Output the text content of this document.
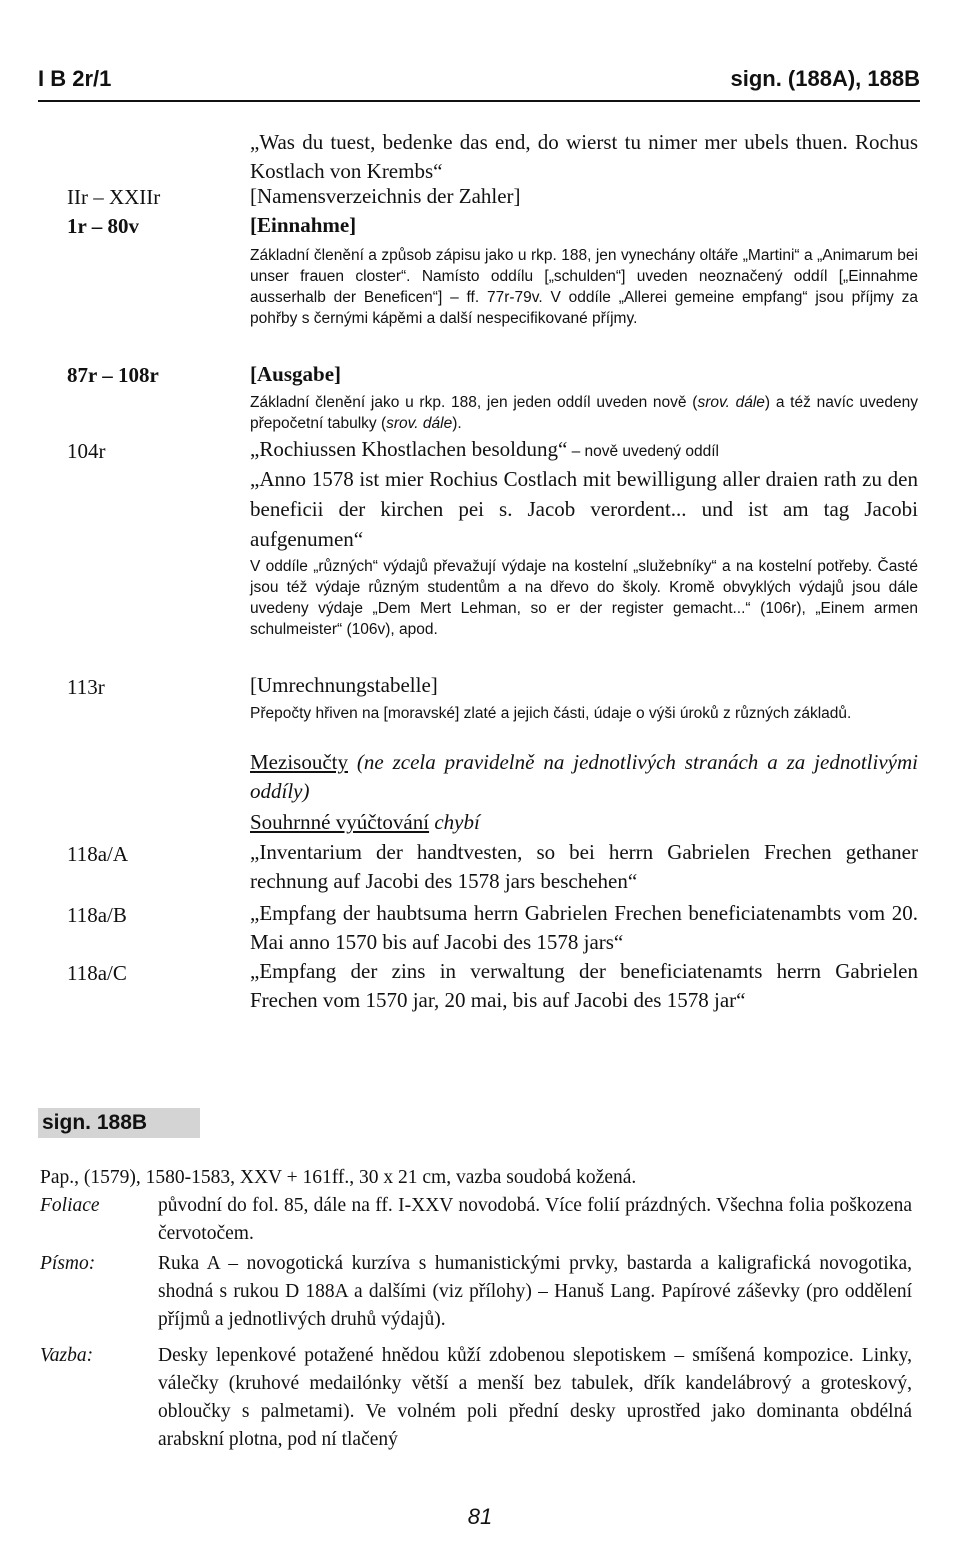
I B 2r/1	sign. (188A), 188B
„Was du tuest, bedenke das end, do wierst tu nimer mer ubels thuen. Rochus Kostlach von Krembs“
IIr – XXIIr	[Namensverzeichnis der Zahler]
1r – 80v	[Einnahme]
Základní členění a způsob zápisu jako u rkp. 188, jen vynechány oltáře „Martini“ a „Animarum bei unser frauen closter“. Namísto oddílu [„schulden“] uveden neoznačený oddíl [„Einnahme ausserhalb der Beneficen“] – ff. 77r-79v. V oddíle „Allerei gemeine empfang“ jsou příjmy za pohřby s černými kápěmi a další nespecifikované příjmy.
87r – 108r	[Ausgabe]
Základní členění jako u rkp. 188, jen jeden oddíl uveden nově (srov. dále) a též navíc uvedeny přepočetní tabulky (srov. dále).
104r	„Rochiussen Khostlachen besoldung“ – nově uvedený oddíl
„Anno 1578 ist mier Rochius Costlach mit bewilligung aller draien rath zu den beneficii der kirchen pei s. Jacob verordent... und ist am tag Jacobi aufgenumen“
V oddíle „různých“ výdajů převažují výdaje na kostelní „služebníky“ a na kostelní potřeby. Časté jsou též výdaje různým studentům a na dřevo do školy. Kromě obvyklých výdajů jsou dále uvedeny výdaje „Dem Mert Lehman, so er der register gemacht...“ (106r), „Einem armen schulmeister“ (106v), apod.
113r	[Umrechnungstabelle]
Přepočty hřiven na [moravské] zlaté a jejich části, údaje o výši úroků z různých základů.
Mezisoučty (ne zcela pravidelně na jednotlivých stranách a za jednotlivými oddíly)
Souhrnné vyúčtování chybí
118a/A	„Inventarium der handtvesten, so bei herrn Gabrielen Frechen gethaner rechnung auf Jacobi des 1578 jars beschehen“
118a/B	„Empfang der haubtsuma herrn Gabrielen Frechen beneficiatenambts vom 20. Mai anno 1570 bis auf Jacobi des 1578 jars“
118a/C	„Empfang der zins in verwaltung der beneficiatenamts herrn Gabrielen Frechen vom 1570 jar, 20 mai, bis auf Jacobi des 1578 jar“
sign. 188B
Pap., (1579), 1580-1583, XXV + 161ff., 30 x 21 cm, vazba soudobá kožená.
Foliace	původní do fol. 85, dále na ff. I-XXV novodobá. Více folií prázdných. Všechna folia poškozena červotočem.
Písmo:	Ruka A – novogotická kurzíva s humanistickými prvky, bastarda a kaligrafická novogotika, shodná s rukou D 188A a dalšími (viz přílohy) – Hanuš Lang. Papírové záševky (pro oddělení příjmů a jednotlivých druhů výdajů).
Vazba:	Desky lepenkové potažené hnědou kůží zdobenou slepotiskem – smíšená kompozice. Linky, válečky (kruhové medailónky větší a menší bez tabulek, dřík kandelábrový a groteskový, obloučky s palmetami). Ve volném poli přední desky uprostřed jako dominanta obdélná arabskní plotna, pod ní tlačený
81
